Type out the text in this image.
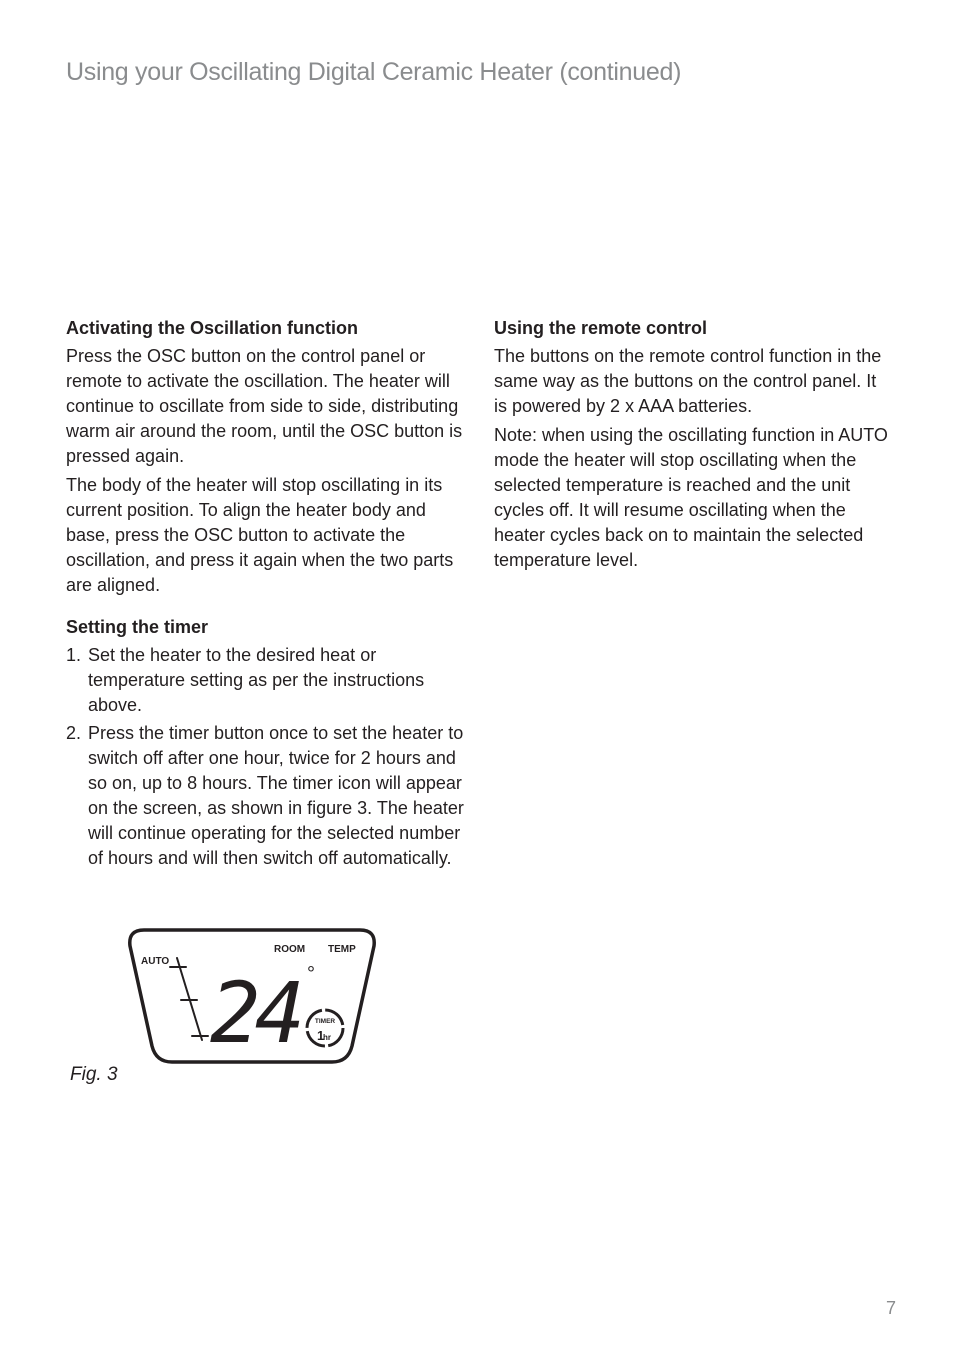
Using your Oscillating Digital Ceramic Heater (continued)
Activating the Oscillation function

Press the OSC button on the control panel or remote to activate the oscillation. The heater will continue to oscillate from side to side, distributing warm air around the room, until the OSC button is pressed again.

The body of the heater will stop oscillating in its current position. To align the heater body and base, press the OSC button to activate the oscillation, and press it again when the two parts are aligned.

Setting the timer
1. Set the heater to the desired heat or temperature setting as per the instructions above.
2. Press the timer button once to set the heater to switch off after one hour, twice for 2 hours and so on, up to 8 hours. The timer icon will appear on the screen, as shown in figure 3. The heater will continue operating for the selected number of hours and will then switch off automatically.
Using the remote control

The buttons on the remote control function in the same way as the buttons on the control panel. It is powered by 2 x AAA batteries.

Note: when using the oscillating function in AUTO mode the heater will stop oscillating when the selected temperature is reached and the unit cycles off. It will resume oscillating when the heater cycles back on to maintain the selected temperature level.

AUTO
ROOM TEMP
24 °
TIMER
1
hr

Fig. 3

7
